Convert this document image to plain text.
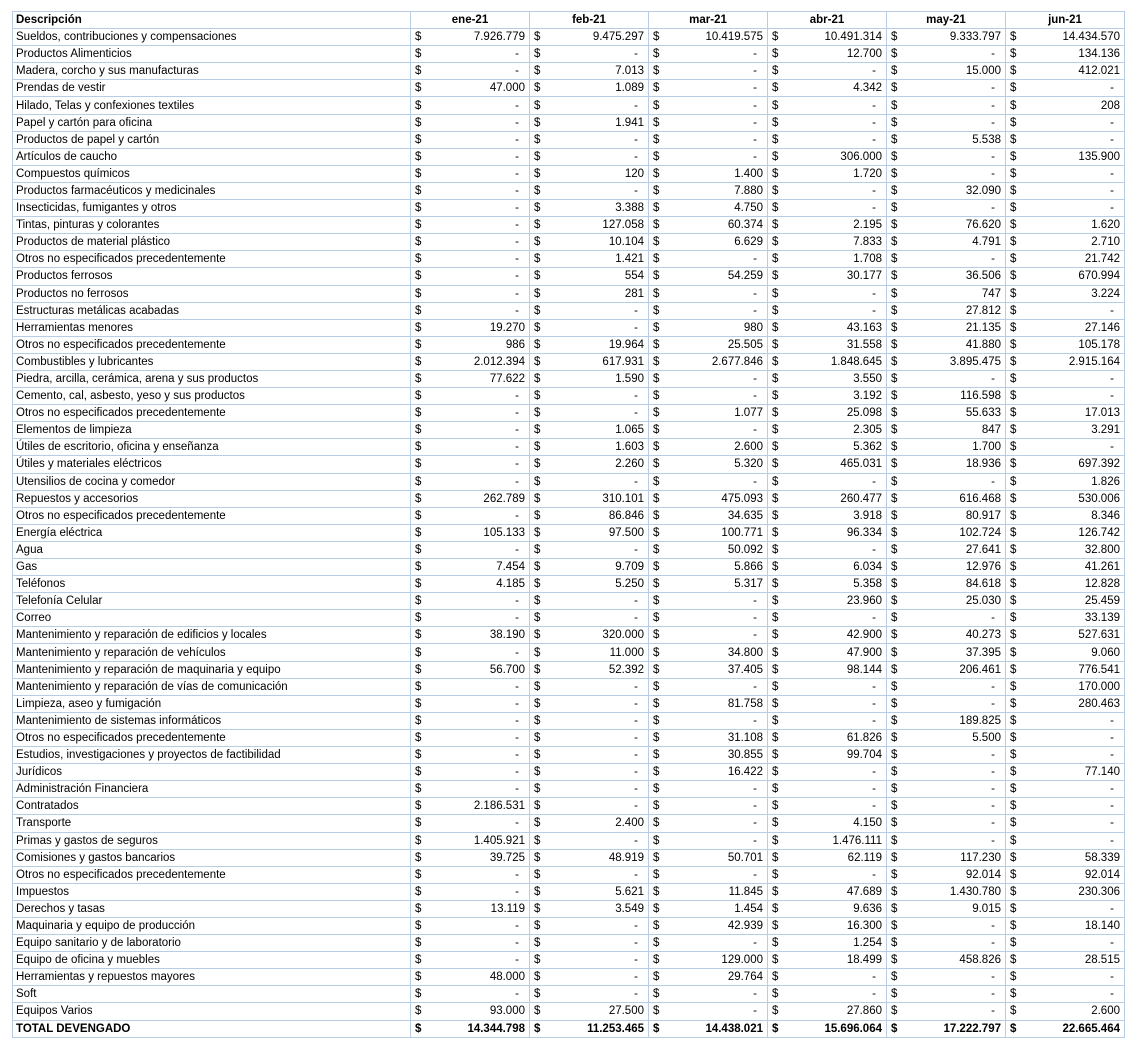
Descripción	ene-21		feb-21		mar-21		abr-21		may-21		jun-21	
Sueldos, contribuciones y compensaciones	$	7.926.779	$	9.475.297	$	10.419.575	$	10.491.314	$	9.333.797	$	14.434.570
Productos Alimenticios	$	-	$	-	$	-	$	12.700	$	-	$	134.136
Madera, corcho y sus manufacturas	$	-	$	7.013	$	-	$	-	$	15.000	$	412.021
Prendas de vestir	$	47.000	$	1.089	$	-	$	4.342	$	-	$	-
Hilado, Telas y confexiones textiles	$	-	$	-	$	-	$	-	$	-	$	208
Papel y cartón para oficina	$	-	$	1.941	$	-	$	-	$	-	$	-
Productos de papel y cartón	$	-	$	-	$	-	$	-	$	5.538	$	-
Artículos de caucho	$	-	$	-	$	-	$	306.000	$	-	$	135.900
Compuestos químicos	$	-	$	120	$	1.400	$	1.720	$	-	$	-
Productos farmacéuticos y medicinales	$	-	$	-	$	7.880	$	-	$	32.090	$	-
Insecticidas, fumigantes y otros	$	-	$	3.388	$	4.750	$	-	$	-	$	-
Tintas, pinturas y colorantes	$	-	$	127.058	$	60.374	$	2.195	$	76.620	$	1.620
Productos de material plástico	$	-	$	10.104	$	6.629	$	7.833	$	4.791	$	2.710
Otros no especificados precedentemente	$	-	$	1.421	$	-	$	1.708	$	-	$	21.742
Productos ferrosos	$	-	$	554	$	54.259	$	30.177	$	36.506	$	670.994
Productos no ferrosos	$	-	$	281	$	-	$	-	$	747	$	3.224
Estructuras metálicas acabadas	$	-	$	-	$	-	$	-	$	27.812	$	-
Herramientas menores	$	19.270	$	-	$	980	$	43.163	$	21.135	$	27.146
Otros no especificados precedentemente	$	986	$	19.964	$	25.505	$	31.558	$	41.880	$	105.178
Combustibles y lubricantes	$	2.012.394	$	617.931	$	2.677.846	$	1.848.645	$	3.895.475	$	2.915.164
Piedra, arcilla, cerámica, arena y sus productos	$	77.622	$	1.590	$	-	$	3.550	$	-	$	-
Cemento, cal, asbesto, yeso y sus productos	$	-	$	-	$	-	$	3.192	$	116.598	$	-
Otros no especificados precedentemente	$	-	$	-	$	1.077	$	25.098	$	55.633	$	17.013
Elementos de limpieza	$	-	$	1.065	$	-	$	2.305	$	847	$	3.291
Útiles de escritorio, oficina y enseñanza	$	-	$	1.603	$	2.600	$	5.362	$	1.700	$	-
Útiles y materiales eléctricos	$	-	$	2.260	$	5.320	$	465.031	$	18.936	$	697.392
Utensilios de cocina y comedor	$	-	$	-	$	-	$	-	$	-	$	1.826
Repuestos y accesorios	$	262.789	$	310.101	$	475.093	$	260.477	$	616.468	$	530.006
Otros no especificados precedentemente	$	-	$	86.846	$	34.635	$	3.918	$	80.917	$	8.346
Energía eléctrica	$	105.133	$	97.500	$	100.771	$	96.334	$	102.724	$	126.742
Agua	$	-	$	-	$	50.092	$	-	$	27.641	$	32.800
Gas	$	7.454	$	9.709	$	5.866	$	6.034	$	12.976	$	41.261
Teléfonos	$	4.185	$	5.250	$	5.317	$	5.358	$	84.618	$	12.828
Telefonía Celular	$	-	$	-	$	-	$	23.960	$	25.030	$	25.459
Correo	$	-	$	-	$	-	$	-	$	-	$	33.139
Mantenimiento y reparación de edificios y locales	$	38.190	$	320.000	$	-	$	42.900	$	40.273	$	527.631
Mantenimiento y reparación de vehículos	$	-	$	11.000	$	34.800	$	47.900	$	37.395	$	9.060
Mantenimiento y reparación de maquinaria y equipo	$	56.700	$	52.392	$	37.405	$	98.144	$	206.461	$	776.541
Mantenimiento y reparación de vías de comunicación	$	-	$	-	$	-	$	-	$	-	$	170.000
Limpieza, aseo y fumigación	$	-	$	-	$	81.758	$	-	$	-	$	280.463
Mantenimiento de sistemas informáticos	$	-	$	-	$	-	$	-	$	189.825	$	-
Otros no especificados precedentemente	$	-	$	-	$	31.108	$	61.826	$	5.500	$	-
Estudios, investigaciones y proyectos de factibilidad	$	-	$	-	$	30.855	$	99.704	$	-	$	-
Jurídicos	$	-	$	-	$	16.422	$	-	$	-	$	77.140
Administración Financiera	$	-	$	-	$	-	$	-	$	-	$	-
Contratados	$	2.186.531	$	-	$	-	$	-	$	-	$	-
Transporte	$	-	$	2.400	$	-	$	4.150	$	-	$	-
Primas y gastos de seguros	$	1.405.921	$	-	$	-	$	1.476.111	$	-	$	-
Comisiones y gastos bancarios	$	39.725	$	48.919	$	50.701	$	62.119	$	117.230	$	58.339
Otros no especificados precedentemente	$	-	$	-	$	-	$	-	$	92.014	$	92.014
Impuestos	$	-	$	5.621	$	11.845	$	47.689	$	1.430.780	$	230.306
Derechos y tasas	$	13.119	$	3.549	$	1.454	$	9.636	$	9.015	$	-
Maquinaria y equipo de producción	$	-	$	-	$	42.939	$	16.300	$	-	$	18.140
Equipo sanitario y de laboratorio	$	-	$	-	$	-	$	1.254	$	-	$	-
Equipo de oficina y muebles	$	-	$	-	$	129.000	$	18.499	$	458.826	$	28.515
Herramientas y repuestos mayores	$	48.000	$	-	$	29.764	$	-	$	-	$	-
Soft	$	-	$	-	$	-	$	-	$	-	$	-
Equipos Varios	$	93.000	$	27.500	$	-	$	27.860	$	-	$	2.600
TOTAL DEVENGADO	$	14.344.798	$	11.253.465	$	14.438.021	$	15.696.064	$	17.222.797	$	22.665.464
